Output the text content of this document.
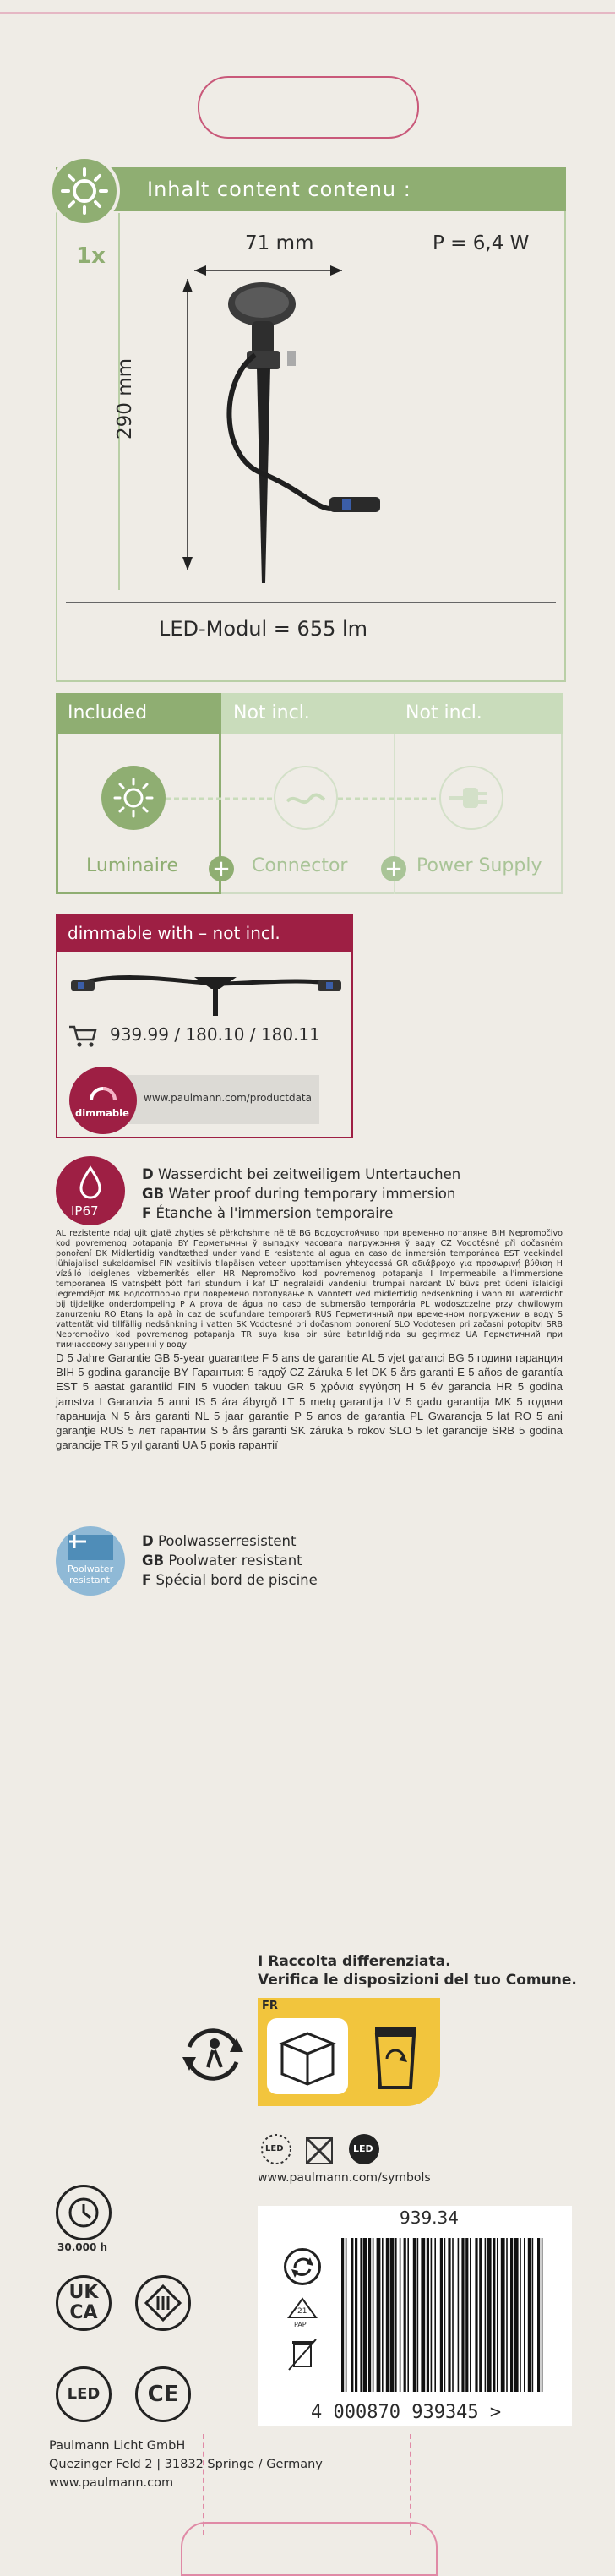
Inhalt content contenu :
1x	71 mm	P = 6,4 W
290 mm
LED-Modul = 655 lm
Included	Not incl.	Not incl.
Luminaire + Connector + Power Supply
dimmable with – not incl.
939.99 / 180.10 / 180.11
www.paulmann.com/productdata
dimmable
IP67
D Wasserdicht bei zeitweiligem Untertauchen
GB Water proof during temporary immersion
F Étanche à l'immersion temporaire
AL rezistente ndaj ujit gjatë zhytjes së përkohshme në të BG Водоустойчиво при временно потапяне BIH Nepromočivo kod povremenog potapanja BY Герметычны ў выпадку часовага пагружэння ў ваду CZ Vodotěsné při dočasném ponoření DK Midlertidig vandtæthed under vand E resistente al agua en caso de inmersión temporánea EST veekindel lühiajalisel sukeldamisel FIN vesitiivis tilapäisen veteen upottamisen yhteydessä GR αδιάβροχο για προσωρινή βύθιση H vízálló ideiglenes vízbemerítés ellen HR Nepromočivo kod povremenog potapanja I Impermeabile all'immersione temporanea IS vatnsþétt þótt fari stundum í kaf LT negralaidi vandeniui trumpai nardant LV būvs pret ūdeni īslaicīgi iegremdējot MK Водоотпорно при повремено потопување N Vanntett ved midlertidig nedsenkning i vann NL waterdicht bij tijdelijke onderdompeling P A prova de água no caso de submersão temporária PL wodoszczelne przy chwilowym zanurzeniu RO Etanş la apă în caz de scufundare temporară RUS Герметичный при временном погружении в воду S vattentät vid tillfällig nedsänkning i vatten SK Vodotesné pri dočasnom ponorení SLO Vodotesen pri začasni potopitvi SRB Nepromočivo kod povremenog potapanja TR suya kısa bir süre batırıldığında su geçirmez UA Герметичний при тимчасовому зануренні у воду
D 5 Jahre Garantie GB 5-year guarantee F 5 ans de garantie AL 5 vjet garanci BG 5 години гаранция BIH 5 godina garancije BY Гарантыя: 5 гадоў CZ Záruka 5 let DK 5 års garanti E 5 años de garantía EST 5 aastat garantiid FIN 5 vuoden takuu GR 5 χρόνια εγγύηση H 5 év garancia HR 5 godina jamstva I Garanzia 5 anni IS 5 ára ábyrgð LT 5 metų garantija LV 5 gadu garantija MK 5 години гаранција N 5 års garanti NL 5 jaar garantie P 5 anos de garantia PL Gwarancja 5 lat RO 5 ani garanţie RUS 5 лет гарантии S 5 års garanti SK záruka 5 rokov SLO 5 let garancije SRB 5 godina garancije TR 5 yıl garanti UA 5 років гарантії
Poolwater
resistant
D Poolwasserresistent
GB Poolwater resistant
F Spécial bord de piscine
I Raccolta differenziata.
Verifica le disposizioni del tuo Comune.
FR
LED	LED
www.paulmann.com/symbols
30.000 h
UK
CA
LED	CE
939.34
21
PAP
4 000870 939345 >
Paulmann Licht GmbH
Quezinger Feld 2 | 31832 Springe / Germany
www.paulmann.com
